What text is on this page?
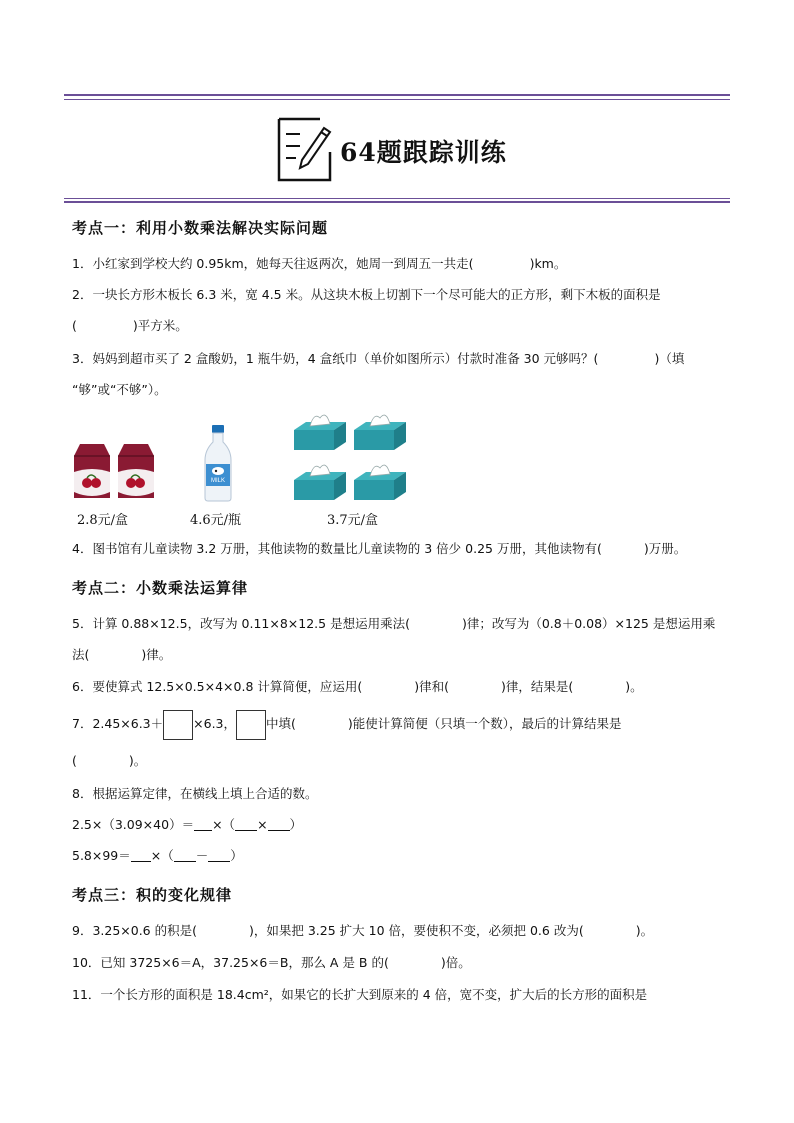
64题跟踪训练
考点一：利用小数乘法解决实际问题
1．小红家到学校大约 0.95km，她每天往返两次，她周一到周五一共走(	)km。
2．一块长方形木板长 6.3 米，宽 4.5 米。从这块木板上切割下一个尽可能大的正方形，剩下木板的面积是
(	)平方米。
3．妈妈到超市买了 2 盒酸奶，1 瓶牛奶，4 盒纸巾（单价如图所示）付款时准备 30 元够吗？(	)（填
“够”或“不够”）。
MILK
2.8元/盒	4.6元/瓶	3.7元/盒
4．图书馆有儿童读物 3.2 万册，其他读物的数量比儿童读物的 3 倍少 0.25 万册，其他读物有(	)万册。
考点二：小数乘法运算律
5．计算 0.88×12.5，改写为 0.11×8×12.5 是想运用乘法(	)律；改写为（0.8＋0.08）×125 是想运用乘
法(	)律。
6．要使算式 12.5×0.5×4×0.8 计算简便，应运用(	)律和(	)律，结果是(	)。
7．2.45×6.3＋ ×6.3， 中填(	)能使计算简便（只填一个数），最后的计算结果是
(	)。
8．根据运算定律，在横线上填上合适的数。
2.5×（3.09×40）＝ ×（ × ）
5.8×99＝ ×（ － ）
考点三：积的变化规律
9．3.25×0.6 的积是(	)，如果把 3.25 扩大 10 倍，要使积不变，必须把 0.6 改为(	)。
10．已知 3725×6＝A，37.25×6＝B，那么 A 是 B 的(	)倍。
11．一个长方形的面积是 18.4cm²，如果它的长扩大到原来的 4 倍，宽不变，扩大后的长方形的面积是
